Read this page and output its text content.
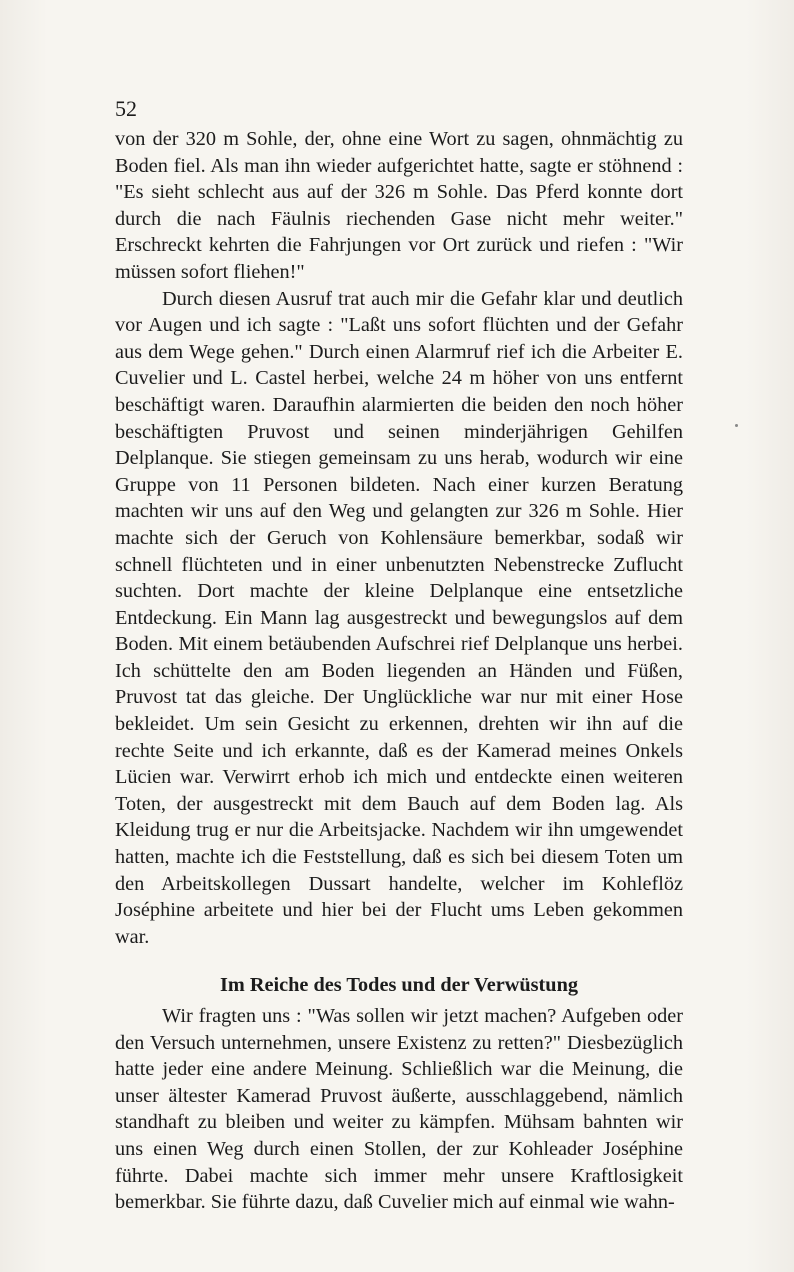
52

von der 320 m Sohle, der, ohne eine Wort zu sagen, ohnmächtig zu Boden fiel. Als man ihn wieder aufgerichtet hatte, sagte er stöhnend : "Es sieht schlecht aus auf der 326 m Sohle. Das Pferd konnte dort durch die nach Fäulnis riechenden Gase nicht mehr weiter." Erschreckt kehrten die Fahrjungen vor Ort zurück und riefen : "Wir müssen sofort fliehen!"

Durch diesen Ausruf trat auch mir die Gefahr klar und deutlich vor Augen und ich sagte : "Laßt uns sofort flüchten und der Gefahr aus dem Wege gehen." Durch einen Alarmruf rief ich die Arbeiter E. Cuvelier und L. Castel herbei, welche 24 m höher von uns entfernt beschäftigt waren. Daraufhin alarmierten die beiden den noch höher beschäftigten Pruvost und seinen minderjährigen Gehilfen Delplanque. Sie stiegen gemeinsam zu uns herab, wodurch wir eine Gruppe von 11 Personen bildeten. Nach einer kurzen Beratung machten wir uns auf den Weg und gelangten zur 326 m Sohle. Hier machte sich der Geruch von Kohlensäure bemerkbar, sodaß wir schnell flüchteten und in einer unbenutzten Nebenstrecke Zuflucht suchten. Dort machte der kleine Delplanque eine entsetzliche Entdeckung. Ein Mann lag ausgestreckt und bewegungslos auf dem Boden. Mit einem betäubenden Aufschrei rief Delplanque uns herbei. Ich schüttelte den am Boden liegenden an Händen und Füßen, Pruvost tat das gleiche. Der Unglückliche war nur mit einer Hose bekleidet. Um sein Gesicht zu erkennen, drehten wir ihn auf die rechte Seite und ich erkannte, daß es der Kamerad meines Onkels Lücien war. Verwirrt erhob ich mich und entdeckte einen weiteren Toten, der ausgestreckt mit dem Bauch auf dem Boden lag. Als Kleidung trug er nur die Arbeitsjacke. Nachdem wir ihn umgewendet hatten, machte ich die Feststellung, daß es sich bei diesem Toten um den Arbeitskollegen Dussart handelte, welcher im Kohleflöz Joséphine arbeitete und hier bei der Flucht ums Leben gekommen war.

Im Reiche des Todes und der Verwüstung

Wir fragten uns : "Was sollen wir jetzt machen? Aufgeben oder den Versuch unternehmen, unsere Existenz zu retten?" Diesbezüglich hatte jeder eine andere Meinung. Schließlich war die Meinung, die unser ältester Kamerad Pruvost äußerte, ausschlaggebend, nämlich standhaft zu bleiben und weiter zu kämpfen. Mühsam bahnten wir uns einen Weg durch einen Stollen, der zur Kohleader Joséphine führte. Dabei machte sich immer mehr unsere Kraftlosigkeit bemerkbar. Sie führte dazu, daß Cuvelier mich auf einmal wie wahn-
